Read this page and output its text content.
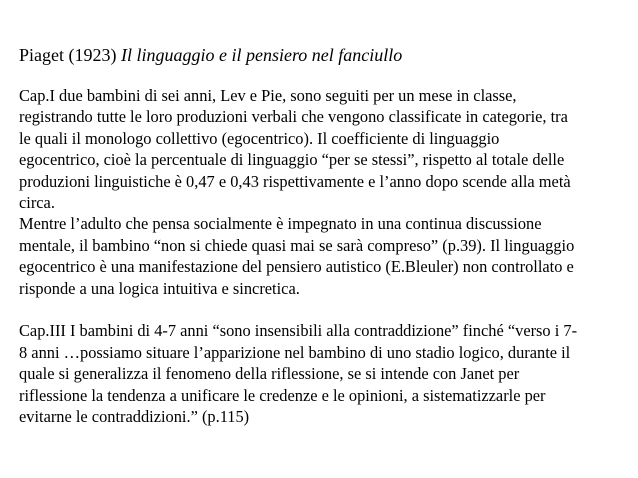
Piaget (1923) Il linguaggio e il pensiero nel fanciullo

Cap.I due bambini di sei anni, Lev e Pie, sono seguiti per un mese in classe,
registrando tutte le loro produzioni verbali che vengono classificate in categorie, tra
le quali il monologo collettivo (egocentrico). Il coefficiente di linguaggio
egocentrico, cioè la percentuale di linguaggio “per se stessi”, rispetto al totale delle
produzioni linguistiche è 0,47 e 0,43 rispettivamente e l’anno dopo scende alla metà
circa.
Mentre l’adulto che pensa socialmente è impegnato in una continua discussione
mentale, il bambino “non si chiede quasi mai se sarà compreso” (p.39). Il linguaggio
egocentrico è una manifestazione del pensiero autistico (E.Bleuler) non controllato e
risponde a una logica intuitiva e sincretica.
Cap.III I bambini di 4-7 anni “sono insensibili alla contraddizione” finché “verso i 7-
8 anni …possiamo situare l’apparizione nel bambino di uno stadio logico, durante il
quale si generalizza il fenomeno della riflessione, se si intende con Janet per
riflessione la tendenza a unificare le credenze e le opinioni, a sistematizzarle per
evitarne le contraddizioni.” (p.115)
